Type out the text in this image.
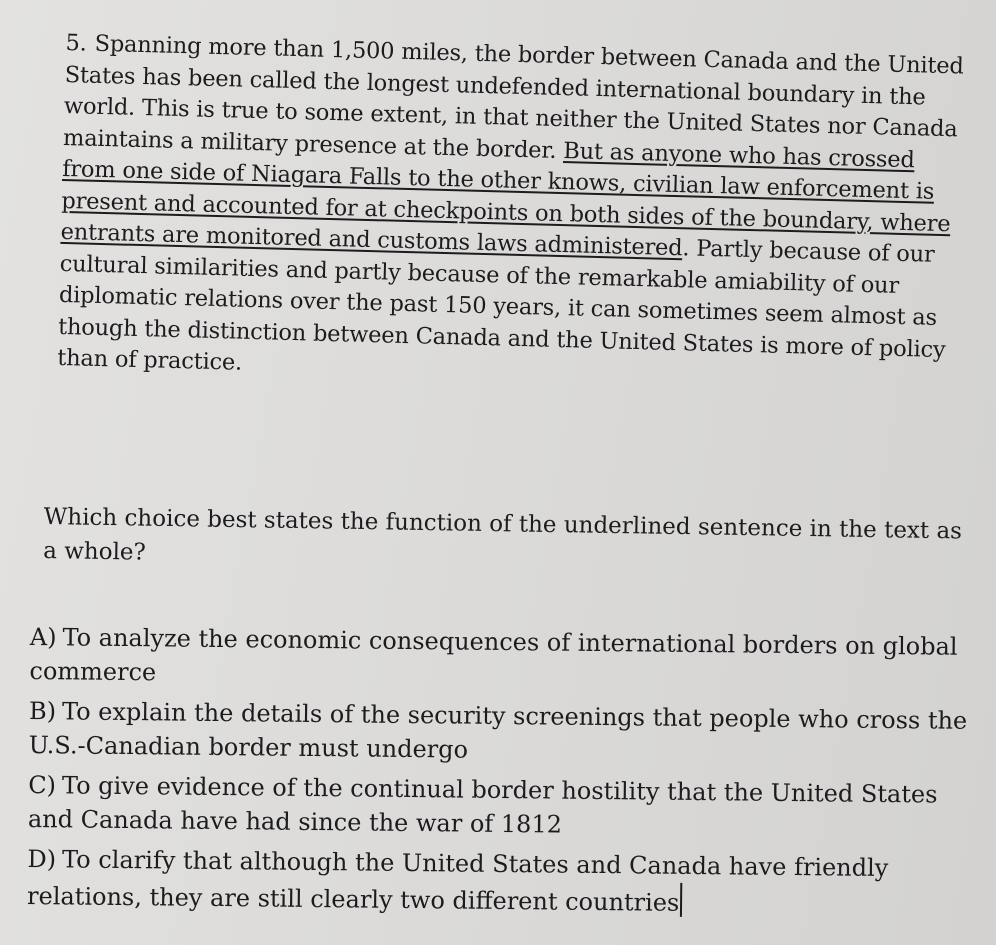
5. Spanning more than 1,500 miles, the border between Canada and the United States has been called the longest undefended international boundary in the world. This is true to some extent, in that neither the United States nor Canada maintains a military presence at the border. But as anyone who has crossed from one side of Niagara Falls to the other knows, civilian law enforcement is present and accounted for at checkpoints on both sides of the boundary, where entrants are monitored and customs laws administered. Partly because of our cultural similarities and partly because of the remarkable amiability of our diplomatic relations over the past 150 years, it can sometimes seem almost as though the distinction between Canada and the United States is more of policy than of practice.

Which choice best states the function of the underlined sentence in the text as a whole?

A) To analyze the economic consequences of international borders on global commerce

B) To explain the details of the security screenings that people who cross the U.S.-Canadian border must undergo

C) To give evidence of the continual border hostility that the United States and Canada have had since the war of 1812

D) To clarify that although the United States and Canada have friendly relations, they are still clearly two different countries
